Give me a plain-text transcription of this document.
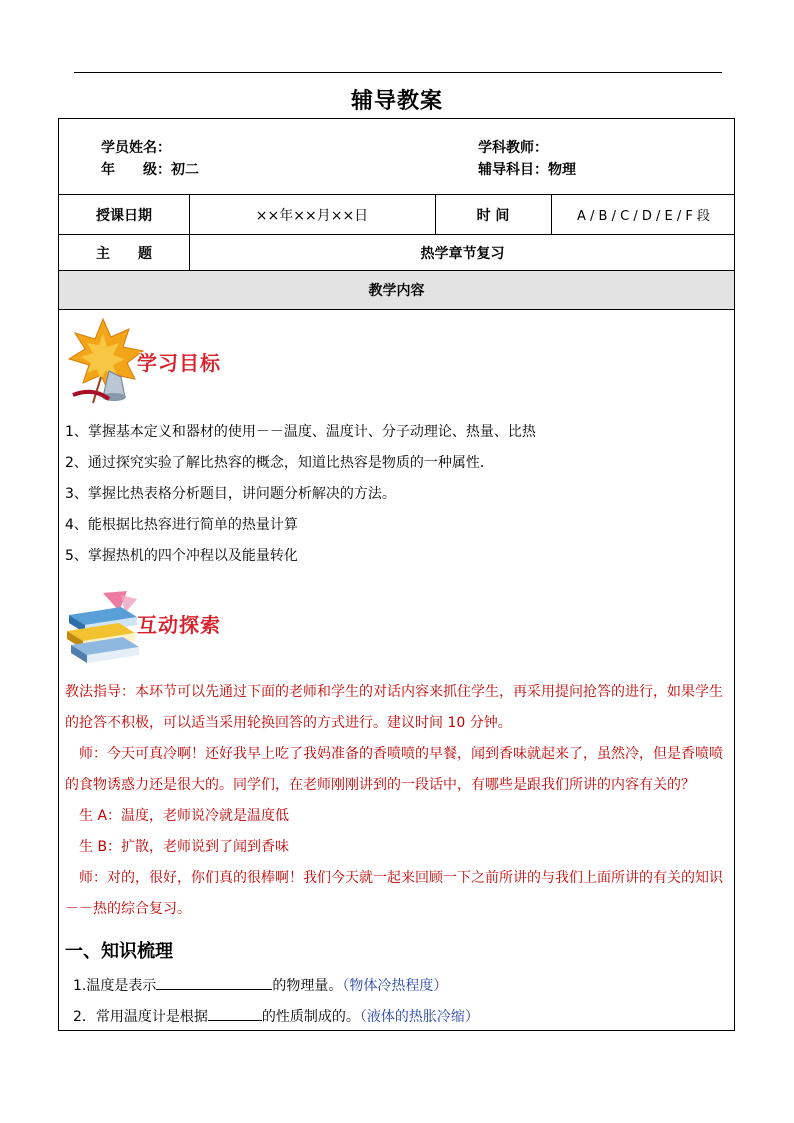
辅导教案
学员姓名：
年　　级：初二
学科教师：
辅导科目：物理
授课日期	××年××月××日	时 间	A / B / C / D / E / F 段
主　　题	热学章节复习
教学内容
学习目标
1、掌握基本定义和器材的使用－－温度、温度计、分子动理论、热量、比热
2、通过探究实验了解比热容的概念，知道比热容是物质的一种属性．
3、掌握比热表格分析题目，讲问题分析解决的方法。
4、能根据比热容进行简单的热量计算
5、掌握热机的四个冲程以及能量转化
互动探索
教法指导：本环节可以先通过下面的老师和学生的对话内容来抓住学生，再采用提问抢答的进行，如果学生
的抢答不积极，可以适当采用轮换回答的方式进行。建议时间 10 分钟。
　师：今天可真冷啊！还好我早上吃了我妈准备的香喷喷的早餐，闻到香味就起来了，虽然冷，但是香喷喷
的食物诱惑力还是很大的。同学们，在老师刚刚讲到的一段话中，有哪些是跟我们所讲的内容有关的？
　生 A：温度，老师说冷就是温度低
　生 B：扩散，老师说到了闻到香味
　师：对的，很好，你们真的很棒啊！我们今天就一起来回顾一下之前所讲的与我们上面所讲的有关的知识
－－热的综合复习。
一、知识梳理
1.温度是表示	的物理量。（物体冷热程度）
2．常用温度计是根据	的性质制成的。（液体的热胀冷缩）
